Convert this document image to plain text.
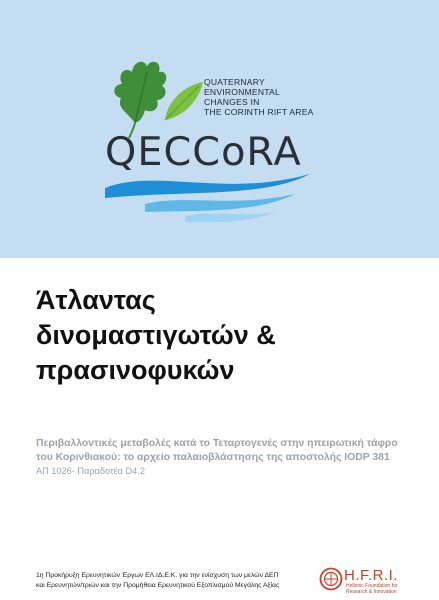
QUATERNARY
ENVIRONMENTAL
CHANGES IN
THE CORINTH RIFT AREA
QECCoRA
Άτλαντας
δινομαστιγωτών &
πρασινοφυκών
Περιβαλλοντικές μεταβολές κατά το Τεταρτογενές στην ηπειρωτική τάφρο του Κορινθιακού: το αρχείο παλαιοβλάστησης της αποστολής IODP 381
ΑΠ 1026- Παραδοτέα D4.2
1η Προκήρυξη Ερευνητικών Έργων ΕΛ.ΙΔ.Ε.Κ. για την ενίσχυση των μελών ΔΕΠ
και Ερευνητών/τριών και την Προμήθεια Ερευνητικού Εξοπλισμού Μεγάλης Αξίας
H.F.R.I.
Hellenic Foundation for
Research & Innovation
